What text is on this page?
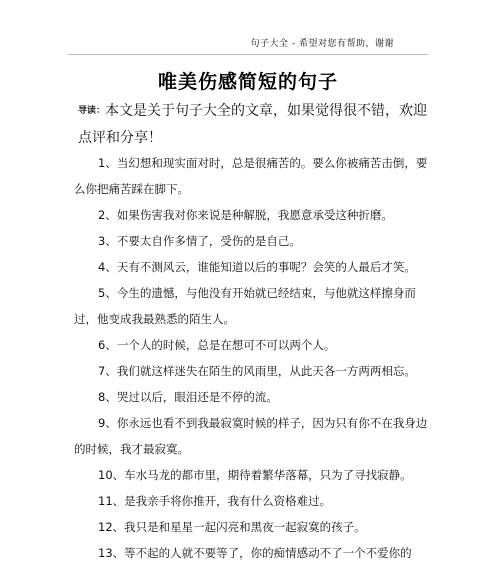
句子大全 - 希望对您有帮助，谢谢
唯美伤感简短的句子
导读：本文是关于句子大全的文章，如果觉得很不错，欢迎点评和分享！

1、当幻想和现实面对时，总是很痛苦的。要么你被痛苦击倒，要么你把痛苦踩在脚下。

2、如果伤害我对你来说是种解脱，我愿意承受这种折磨。

3、不要太自作多情了，受伤的是自己。

4、天有不测风云，谁能知道以后的事呢？会笑的人最后才笑。

5、今生的遗憾，与他没有开始就已经结束，与他就这样擦身而过，他变成我最熟悉的陌生人。

6、一个人的时候，总是在想可不可以两个人。

7、我们就这样迷失在陌生的风雨里，从此天各一方两两相忘。

8、哭过以后，眼泪还是不停的流。

9、你永远也看不到我最寂寞时候的样子，因为只有你不在我身边的时候，我才最寂寞。

10、车水马龙的都市里，期待着繁华落幕，只为了寻找寂静。

11、是我亲手将你推开，我有什么资格难过。

12、我只是和星星一起闪亮和黑夜一起寂寞的孩子。

13、等不起的人就不要等了，你的痴情感动不了一个不爱你的
